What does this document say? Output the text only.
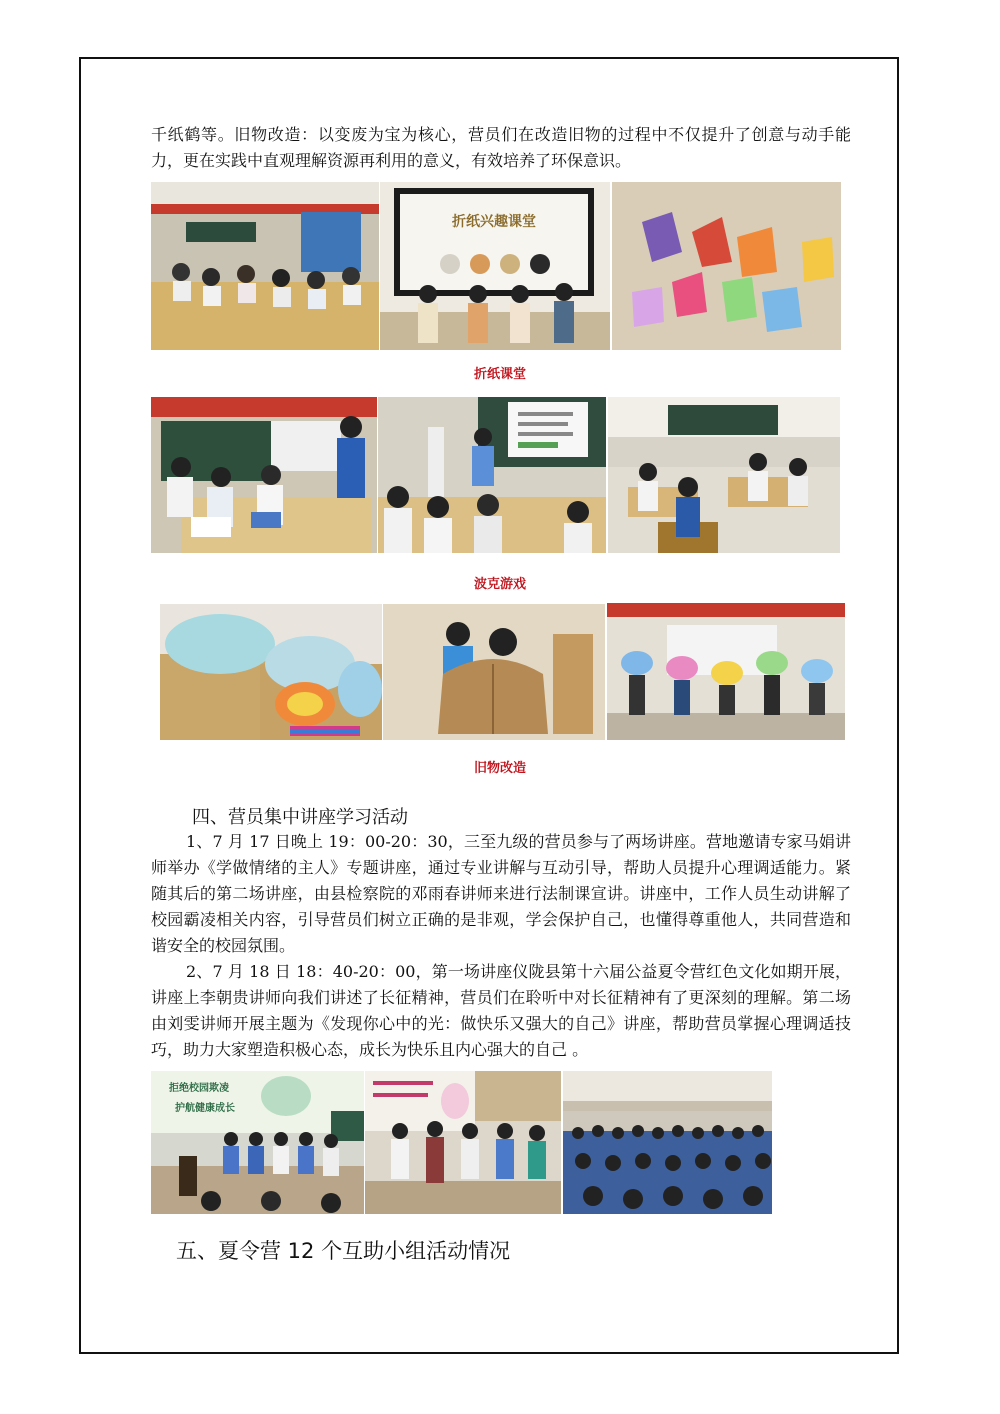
千纸鹤等。旧物改造：以变废为宝为核心，营员们在改造旧物的过程中不仅提升了创意与动手能力，更在实践中直观理解资源再利用的意义，有效培养了环保意识。

折纸兴趣课堂
折纸课堂
波克游戏
旧物改造
四、营员集中讲座学习活动

1、7 月 17 日晚上 19：00-20：30，三至九级的营员参与了两场讲座。营地邀请专家马娟讲师举办《学做情绪的主人》专题讲座，通过专业讲解与互动引导，帮助人员提升心理调适能力。紧随其后的第二场讲座，由县检察院的邓雨春讲师来进行法制课宣讲。讲座中，工作人员生动讲解了校园霸凌相关内容，引导营员们树立正确的是非观，学会保护自己，也懂得尊重他人，共同营造和谐安全的校园氛围。

2、7 月 18 日 18：40-20：00，第一场讲座仪陇县第十六届公益夏令营红色文化如期开展，讲座上李朝贵讲师向我们讲述了长征精神，营员们在聆听中对长征精神有了更深刻的理解。第二场由刘雯讲师开展主题为《发现你心中的光：做快乐又强大的自己》讲座，帮助营员掌握心理调适技巧，助力大家塑造积极心态，成长为快乐且内心强大的自己 。

拒绝校园欺凌
护航健康成长
五、夏令营 12 个互助小组活动情况
